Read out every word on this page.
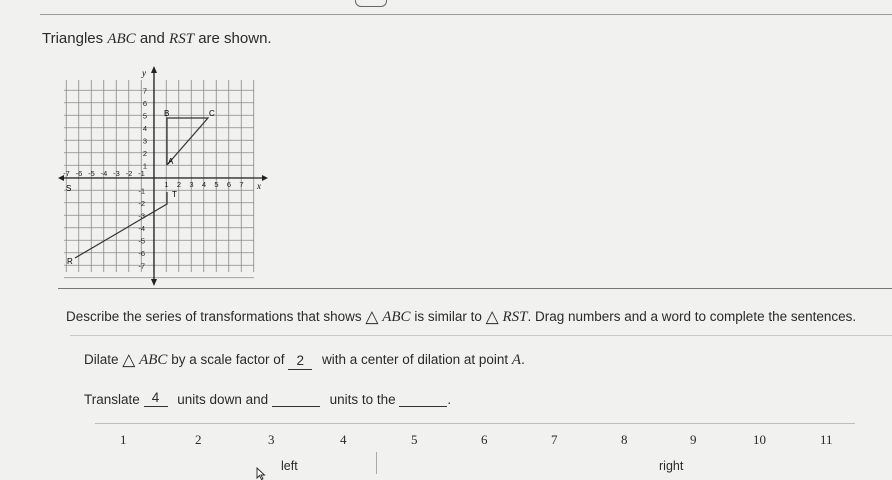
Triangles ABC and RST are shown.
y
x
7
6
5
4
3
2
1
-1
-2
-3
-4
-5
-6
-7
-7 -6 -5 -4 -3 -2 -1
1 2 3 4 5 6 7
A
B	C
R
S
T
Describe the series of transformations that shows △ ABC is similar to △ RST. Drag numbers and a word to complete the sentences.
Dilate △ ABC by a scale factor of 2 with a center of dilation at point A.
Translate 4 units down and	units to the	.
1	2	3	4	5	6	7	8	9	10	11
left	right
